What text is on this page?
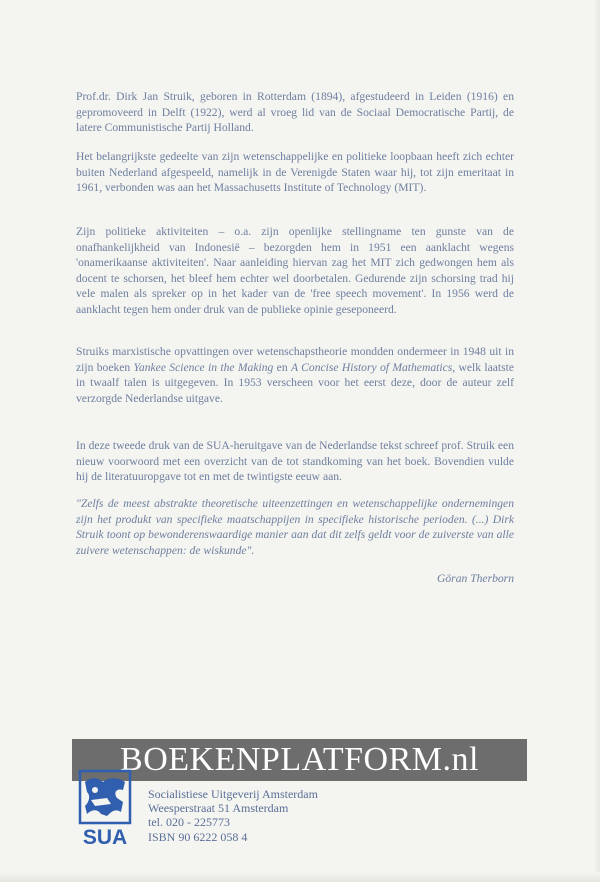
Prof.dr. Dirk Jan Struik, geboren in Rotterdam (1894), afgestudeerd in Leiden (1916) en gepromoveerd in Delft (1922), werd al vroeg lid van de Sociaal Democratische Partij, de latere Communistische Partij Holland.

Het belangrijkste gedeelte van zijn wetenschappelijke en politieke loopbaan heeft zich echter buiten Nederland afgespeeld, namelijk in de Verenigde Staten waar hij, tot zijn emeritaat in 1961, verbonden was aan het Massachusetts Institute of Technology (MIT).

Zijn politieke aktiviteiten – o.a. zijn openlijke stellingname ten gunste van de onafhankelijkheid van Indonesië – bezorgden hem in 1951 een aanklacht wegens 'onamerikaanse aktiviteiten'. Naar aanleiding hiervan zag het MIT zich gedwongen hem als docent te schorsen, het bleef hem echter wel doorbetalen. Gedurende zijn schorsing trad hij vele malen als spreker op in het kader van de 'free speech movement'. In 1956 werd de aanklacht tegen hem onder druk van de publieke opinie geseponeerd.

Struiks marxistische opvattingen over wetenschapstheorie mondden ondermeer in 1948 uit in zijn boeken Yankee Science in the Making en A Concise History of Mathematics, welk laatste in twaalf talen is uitgegeven. In 1953 verscheen voor het eerst deze, door de auteur zelf verzorgde Nederlandse uitgave.

In deze tweede druk van de SUA-heruitgave van de Nederlandse tekst schreef prof. Struik een nieuw voorwoord met een overzicht van de tot standkoming van het boek. Bovendien vulde hij de literatuuropgave tot en met de twintigste eeuw aan.

"Zelfs de meest abstrakte theoretische uiteenzettingen en wetenschappelijke ondernemingen zijn het produkt van specifieke maatschappijen in specifieke historische perioden. (...) Dirk Struik toont op bewonderenswaardige manier aan dat dit zelfs geldt voor de zuiverste van alle zuivere wetenschappen: de wiskunde".

Göran Therborn
BOEKENPLATFORM.nl
SUA
Socialistiese Uitgeverij Amsterdam
Weesperstraat 51 Amsterdam
tel. 020 - 225773
ISBN 90 6222 058 4
